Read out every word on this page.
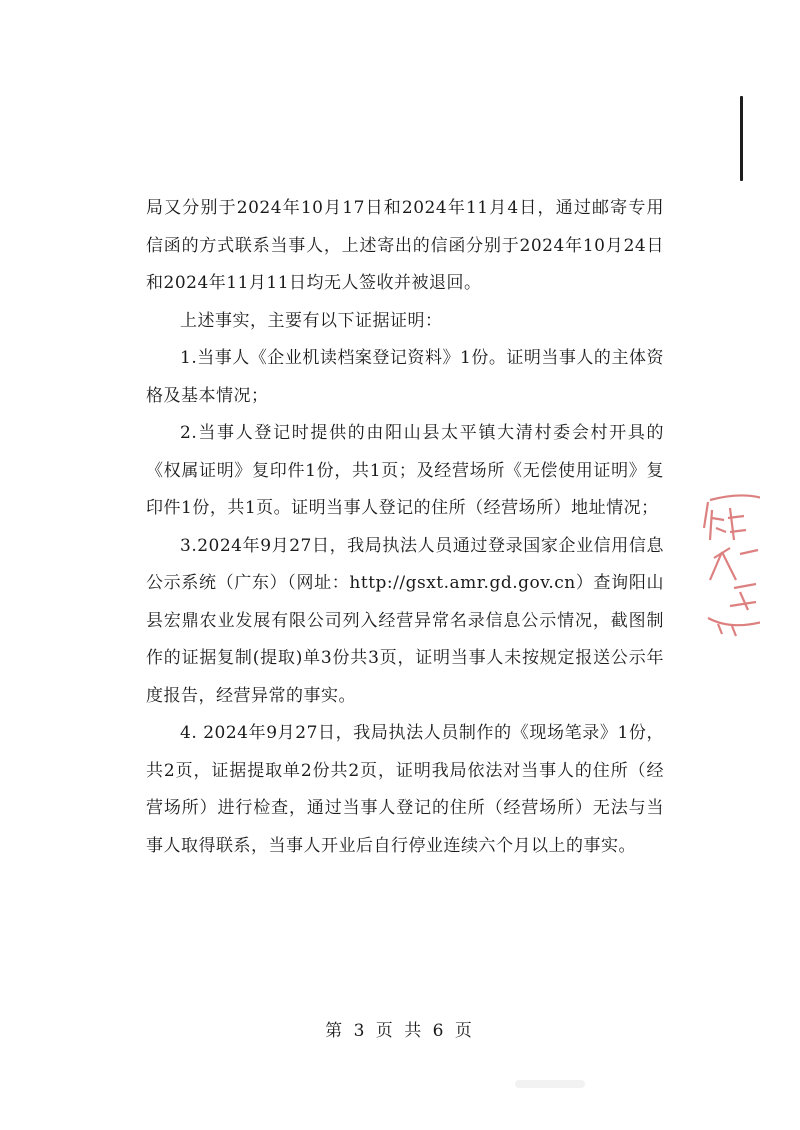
局又分别于2024年10月17日和2024年11月4日，通过邮寄专用信函的方式联系当事人，上述寄出的信函分别于2024年10月24日和2024年11月11日均无人签收并被退回。

上述事实，主要有以下证据证明：

1.当事人《企业机读档案登记资料》1份。证明当事人的主体资格及基本情况；

2.当事人登记时提供的由阳山县太平镇大清村委会村开具的《权属证明》复印件1份，共1页；及经营场所《无偿使用证明》复印件1份，共1页。证明当事人登记的住所（经营场所）地址情况；

3.2024年9月27日，我局执法人员通过登录国家企业信用信息公示系统（广东）（网址：http://gsxt.amr.gd.gov.cn）查询阳山县宏鼎农业发展有限公司列入经营异常名录信息公示情况，截图制作的证据复制(提取)单3份共3页，证明当事人未按规定报送公示年度报告，经营异常的事实。

4. 2024年9月27日，我局执法人员制作的《现场笔录》1份，共2页，证据提取单2份共2页，证明我局依法对当事人的住所（经营场所）进行检查，通过当事人登记的住所（经营场所）无法与当事人取得联系，当事人开业后自行停业连续六个月以上的事实。

第 3 页 共 6 页
